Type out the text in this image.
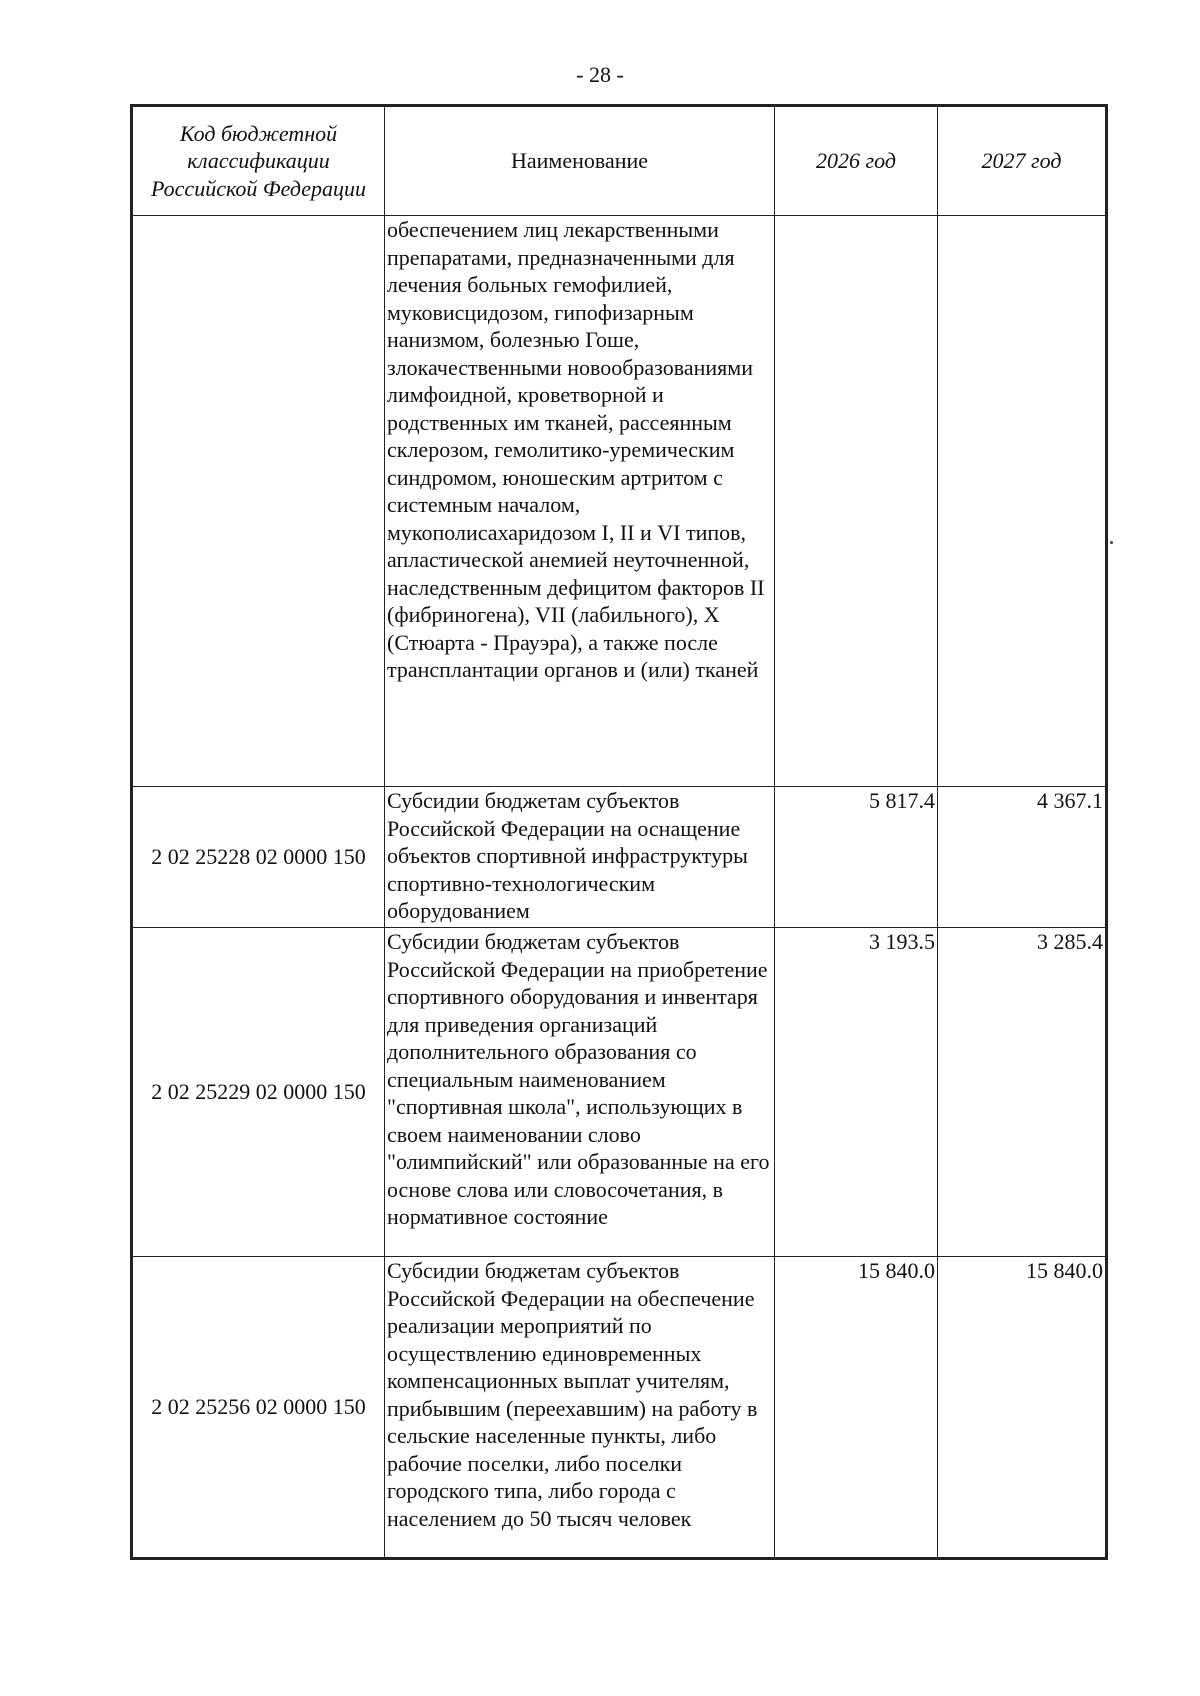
- 28 -
Код бюджетной классификации Российской Федерации	Наименование	2026 год	2027 год
	обеспечением лиц лекарственными препаратами, предназначенными для лечения больных гемофилией, муковисцидозом, гипофизарным нанизмом, болезнью Гоше, злокачественными новообразованиями лимфоидной, кроветворной и родственных им тканей, рассеянным склерозом, гемолитико-уремическим синдромом, юношеским артритом с системным началом, мукополисахаридозом I, II и VI типов, апластической анемией неуточненной, наследственным дефицитом факторов II (фибриногена), VII (лабильного), X (Стюарта - Прауэра), а также после трансплантации органов и (или) тканей		
2 02 25228 02 0000 150	Субсидии бюджетам субъектов Российской Федерации на оснащение объектов спортивной инфраструктуры спортивно-технологическим оборудованием	5 817.4	4 367.1
2 02 25229 02 0000 150	Субсидии бюджетам субъектов Российской Федерации на приобретение спортивного оборудования и инвентаря для приведения организаций дополнительного образования со специальным наименованием "спортивная школа", использующих в своем наименовании слово "олимпийский" или образованные на его основе слова или словосочетания, в нормативное состояние	3 193.5	3 285.4
2 02 25256 02 0000 150	Субсидии бюджетам субъектов Российской Федерации на обеспечение реализации мероприятий по осуществлению единовременных компенсационных выплат учителям, прибывшим (переехавшим) на работу в сельские населенные пункты, либо рабочие поселки, либо поселки городского типа, либо города с населением до 50 тысяч человек	15 840.0	15 840.0
